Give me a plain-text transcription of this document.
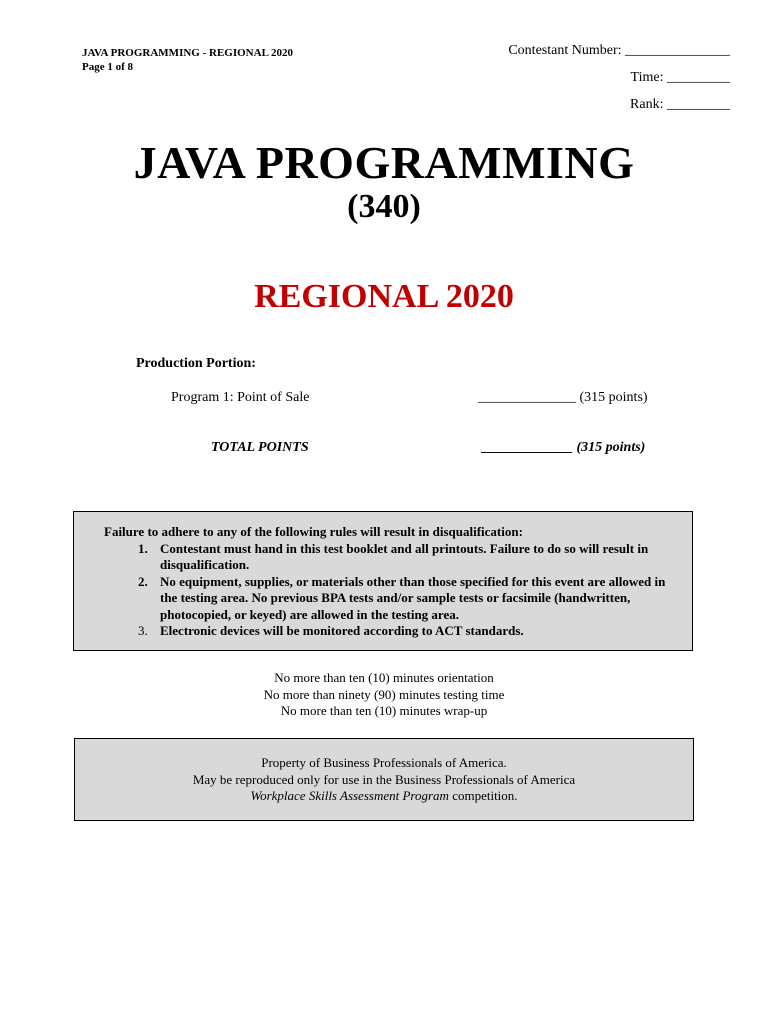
JAVA PROGRAMMING - REGIONAL 2020
Page 1 of 8
Contestant Number: _______________
Time: _________
Rank: _________
JAVA PROGRAMMING
(340)
REGIONAL 2020
Production Portion:
Program 1: Point of Sale	______________ (315 points)
TOTAL POINTS	_____________ (315 points)
Failure to adhere to any of the following rules will result in disqualification:
1. Contestant must hand in this test booklet and all printouts. Failure to do so will result in disqualification.
2. No equipment, supplies, or materials other than those specified for this event are allowed in the testing area. No previous BPA tests and/or sample tests or facsimile (handwritten, photocopied, or keyed) are allowed in the testing area.
3. Electronic devices will be monitored according to ACT standards.
No more than ten (10) minutes orientation
No more than ninety (90) minutes testing time
No more than ten (10) minutes wrap-up
Property of Business Professionals of America.
May be reproduced only for use in the Business Professionals of America
Workplace Skills Assessment Program competition.
